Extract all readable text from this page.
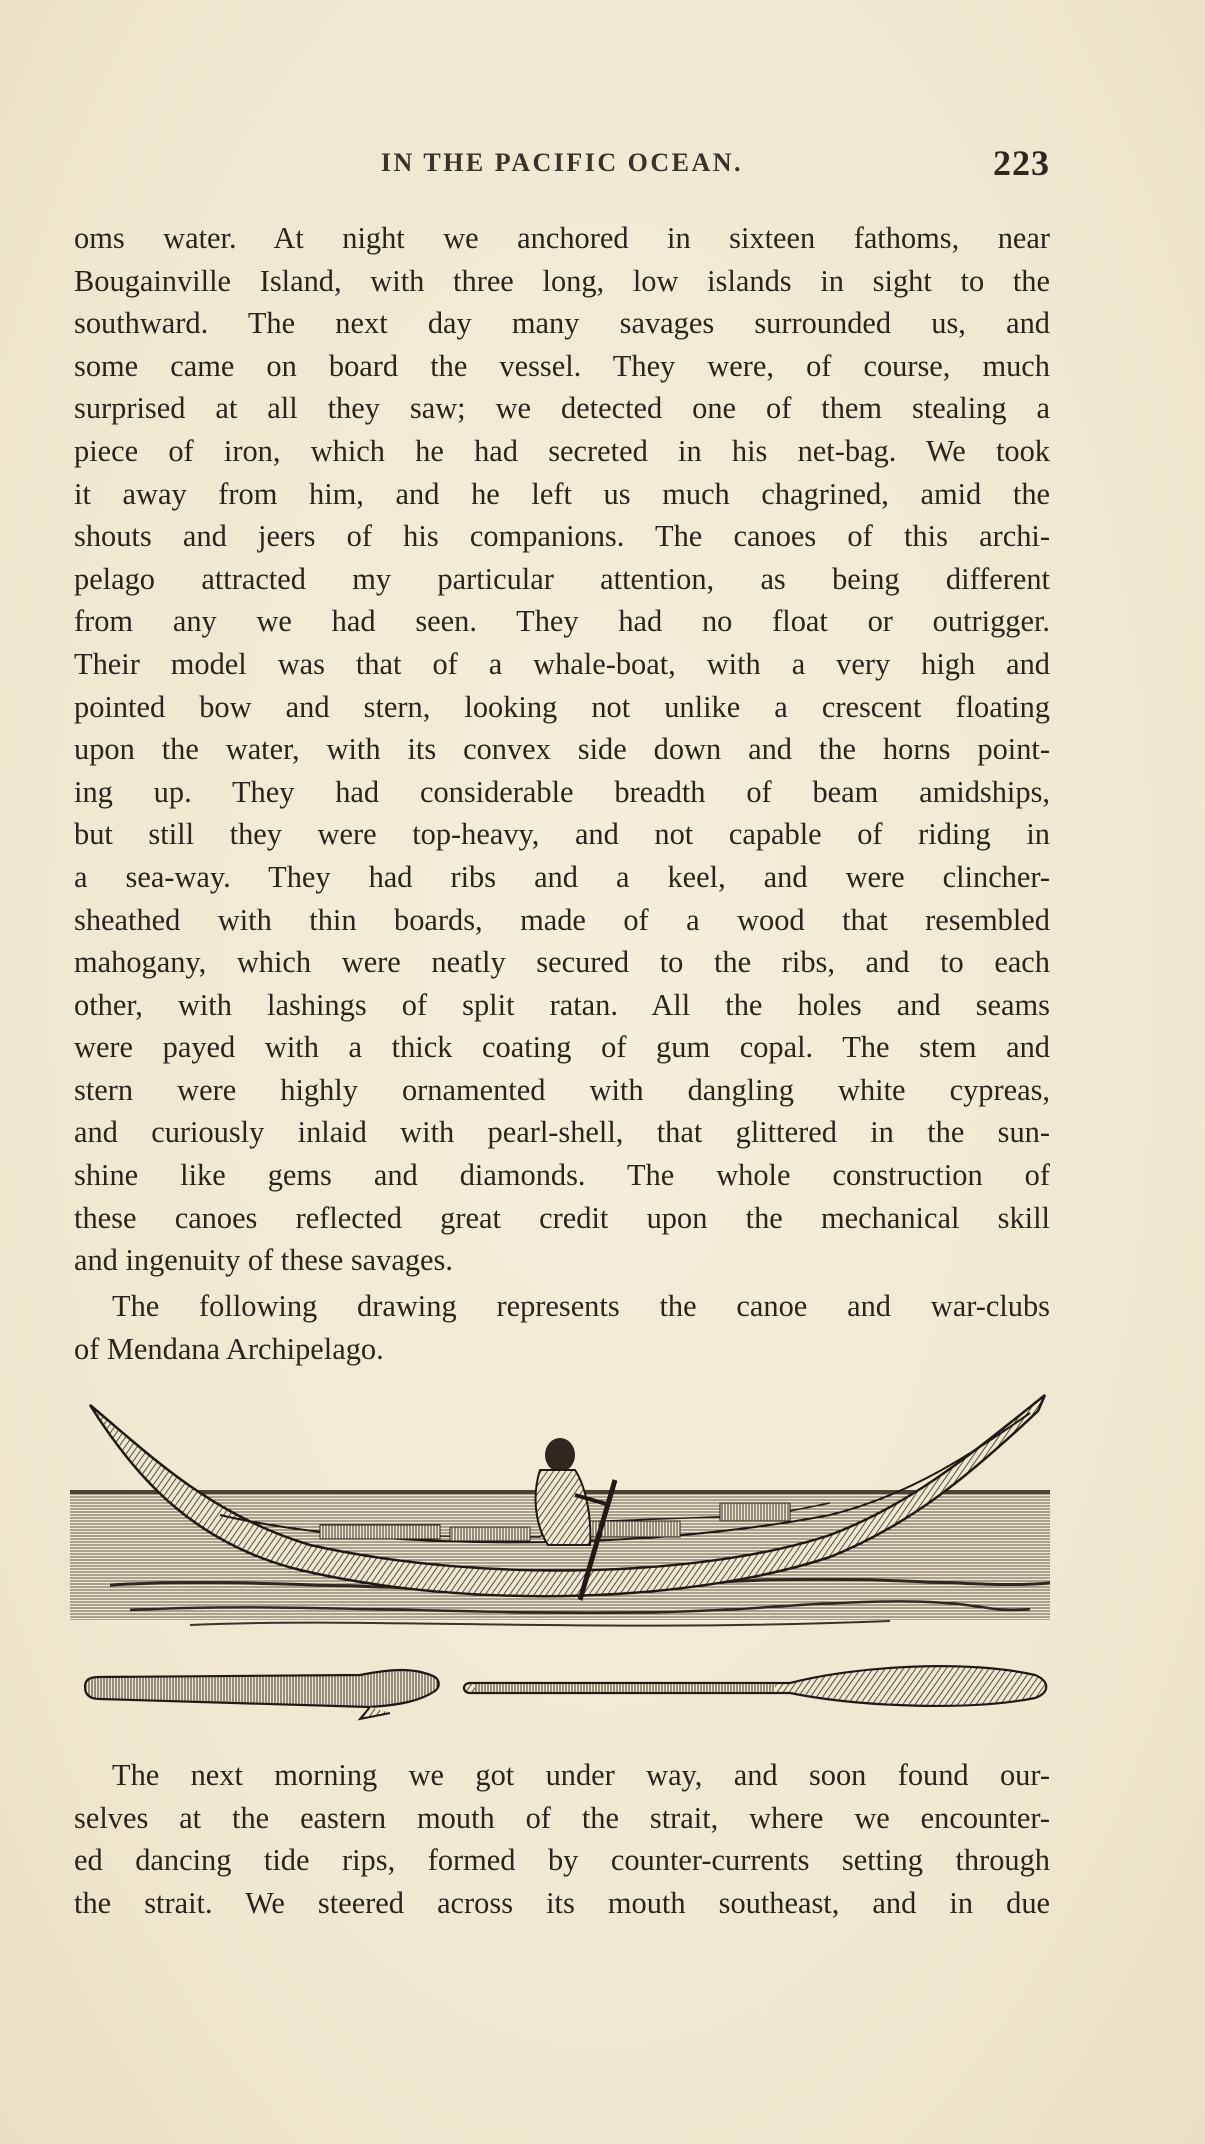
IN THE PACIFIC OCEAN.	223
oms water. At night we anchored in sixteen fathoms, near
Bougainville Island, with three long, low islands in sight to the
southward. The next day many savages surrounded us, and
some came on board the vessel. They were, of course, much
surprised at all they saw; we detected one of them stealing a
piece of iron, which he had secreted in his net-bag. We took
it away from him, and he left us much chagrined, amid the
shouts and jeers of his companions. The canoes of this archi-
pelago attracted my particular attention, as being different
from any we had seen. They had no float or outrigger.
Their model was that of a whale-boat, with a very high and
pointed bow and stern, looking not unlike a crescent floating
upon the water, with its convex side down and the horns point-
ing up. They had considerable breadth of beam amidships,
but still they were top-heavy, and not capable of riding in
a sea-way. They had ribs and a keel, and were clincher-
sheathed with thin boards, made of a wood that resembled
mahogany, which were neatly secured to the ribs, and to each
other, with lashings of split ratan. All the holes and seams
were payed with a thick coating of gum copal. The stem and
stern were highly ornamented with dangling white cypreas,
and curiously inlaid with pearl-shell, that glittered in the sun-
shine like gems and diamonds. The whole construction of
these canoes reflected great credit upon the mechanical skill
and ingenuity of these savages.
The following drawing represents the canoe and war-clubs
of Mendana Archipelago.
The next morning we got under way, and soon found our-
selves at the eastern mouth of the strait, where we encounter-
ed dancing tide rips, formed by counter-currents setting through
the strait. We steered across its mouth southeast, and in due
